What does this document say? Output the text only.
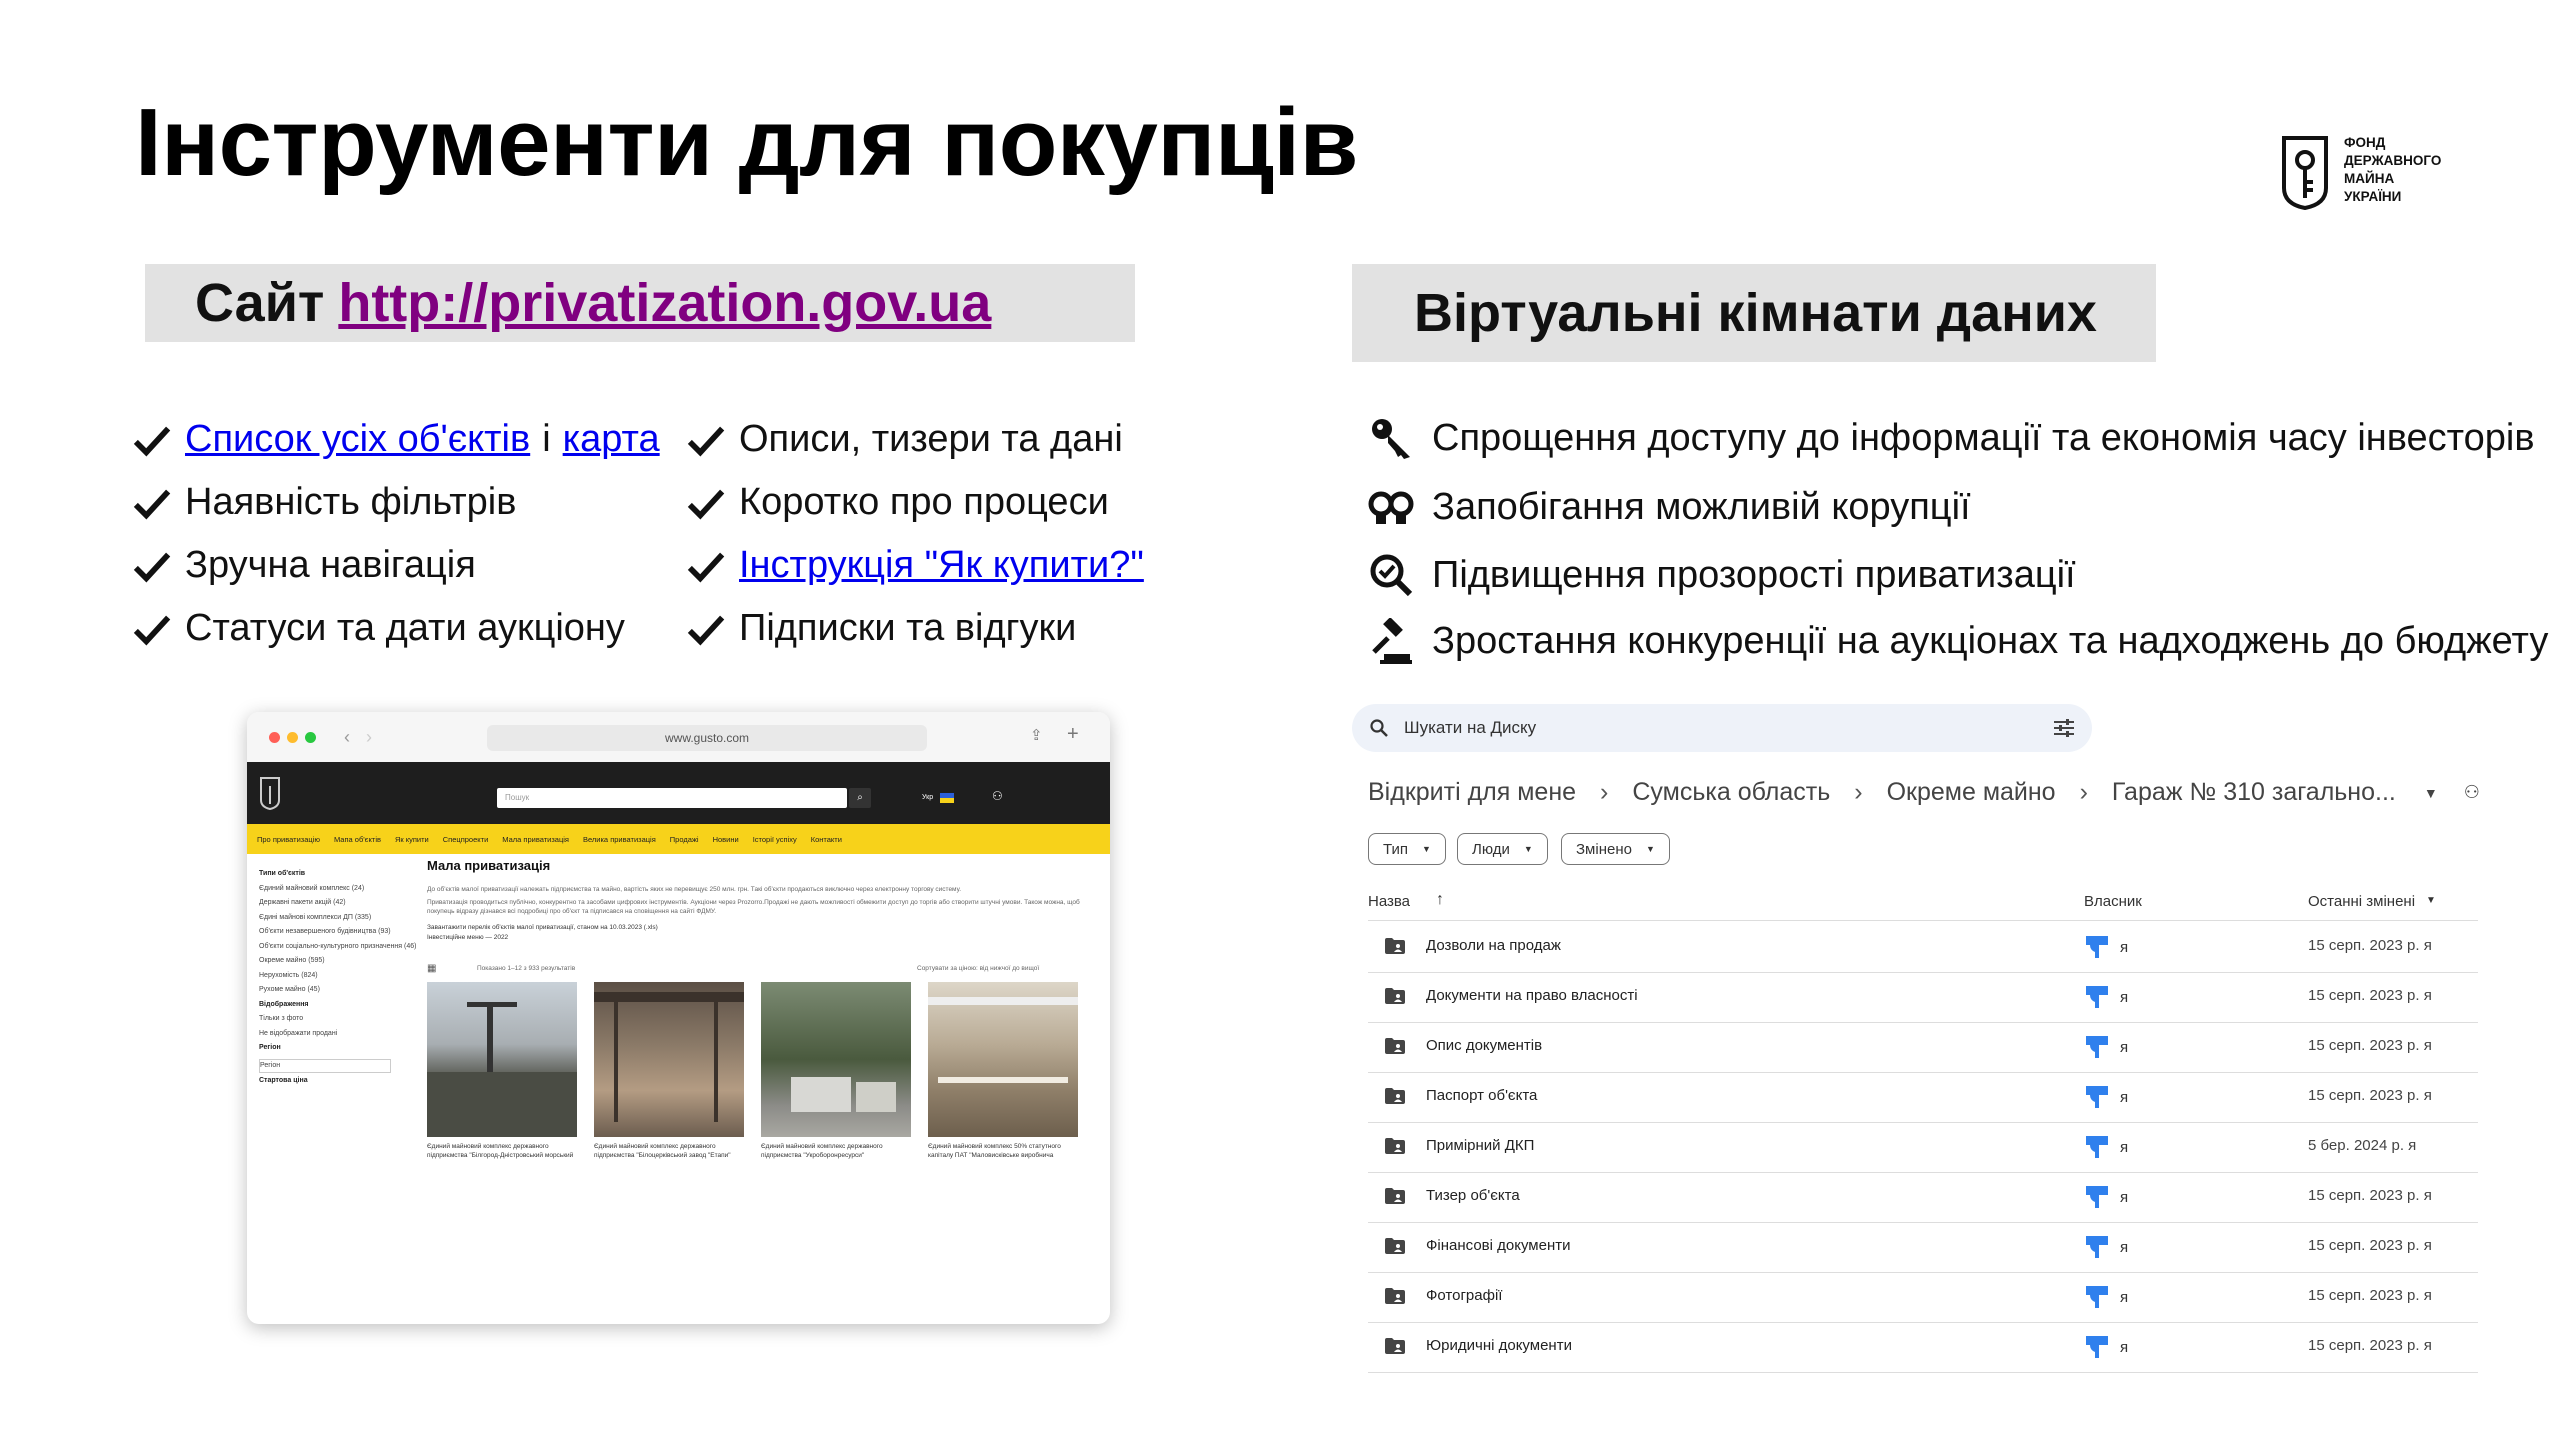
Інструменти для покупців	ФОНД
ДЕРЖАВНОГО
МАЙНА
УКРАЇНИ
Сайт http://privatization.gov.ua	Віртуальні кімнати даних
Список усіх об'єктів і карта
Наявність фільтрів
Зручна навігація
Статуси та дати аукціону
Описи, тизери та дані
Коротко про процеси
Інструкція "Як купити?"
Підписки та відгуки
Спрощення доступу до інформації та економія часу інвесторів
Запобігання можливій корупції
Підвищення прозорості приватизації
Зростання конкуренції на аукціонах та надходжень до бюджету
‹ ›	www.gusto.com	⇪ +
Пошук	⌕	Укр	⚇
Про приватизацію Мапа об'єктів Як купити Спецпроекти Мала приватизація Велика приватизація Продажі Новини Історії успіху Контакти
Типи об'єктів
Єдиний майновий комплекс (24)
Державні пакети акцій (42)
Єдині майнові комплекси ДП (335)
Об'єкти незавершеного будівництва (93)
Об'єкти соціально-культурного призначення (46)
Окреме майно (595)
Нерухомість (824)
Рухоме майно (45)
Відображення
Тільки з фото
Не відображати продані
Регіон
Регіон
Стартова ціна
Мала приватизація
До об'єктів малої приватизації належать підприємства та майно, вартість яких не перевищує 250 млн. грн. Такі об'єкти продаються виключно через електронну торгову систему.
Приватизація проводиться публічно, конкурентно та засобами цифрових інструментів. Аукціони через Prozorro.Продажі не дають можливості обмежити доступ до торгів або створити штучні умови. Також можна, щоб покупець відразу дізнався всі подробиці про об'єкт та підписався на сповіщення на сайті ФДМУ.
Завантажити перелік об'єктів малої приватизації, станом на 10.03.2023 (.xls)
Інвестиційне меню — 2022
▦	Показано 1–12 з 933 результатів	Сортувати за ціною: від нижчої до вищої
Єдиний майновий комплекс державного підприємства "Білгород-Дністровський морський
Єдиний майновий комплекс державного підприємства "Білоцерківський завод "Етапи"
Єдиний майновий комплекс державного підприємства "Укроборонресурси"
Єдиний майновий комплекс 50% статутного капіталу ПАТ "Маловисківське виробнича
Шукати на Диску
Відкриті для мене › Сумська область › Окреме майно › Гараж № 310 загально... ▼ ⚇
Тип ▼	Люди ▼	Змінено ▼
Назва ↑	Власник	Останні змінені ▼
Дозволи на продаж	я	15 серп. 2023 р. я
Документи на право власності	я	15 серп. 2023 р. я
Опис документів	я	15 серп. 2023 р. я
Паспорт об'єкта	я	15 серп. 2023 р. я
Примірний ДКП	я	5 бер. 2024 р. я
Тизер об'єкта	я	15 серп. 2023 р. я
Фінансові документи	я	15 серп. 2023 р. я
Фотографії	я	15 серп. 2023 р. я
Юридичні документи	я	15 серп. 2023 р. я
